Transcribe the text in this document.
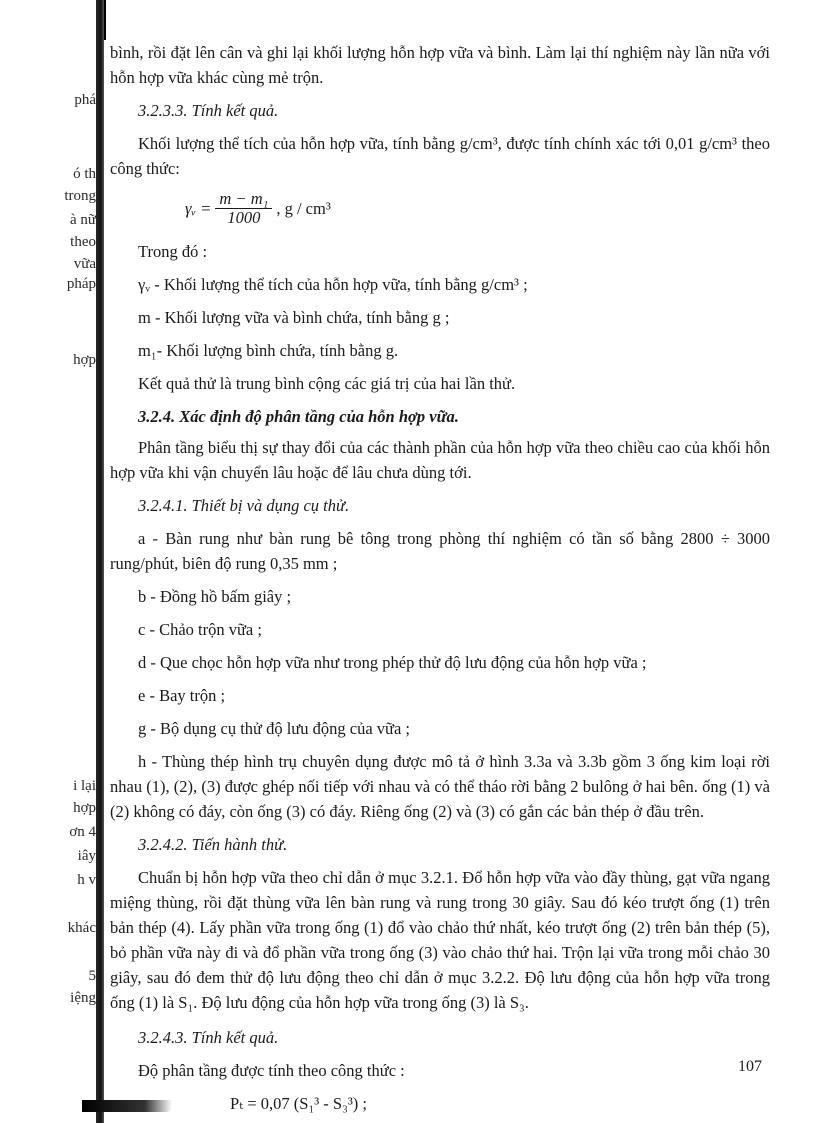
phá
ó th
trong
à nữ
theo
vữa
pháp
hợp
i lại
hợp
ơn 4
iây
h v
khác
5
iệng

bình, rồi đặt lên cân và ghi lại khối lượng hỗn hợp vữa và bình. Làm lại thí nghiệm này lần nữa với hỗn hợp vữa khác cùng mẻ trộn.

3.2.3.3. Tính kết quả.

Khối lượng thể tích của hỗn hợp vữa, tính bằng g/cm³, được tính chính xác tới 0,01 g/cm³ theo công thức:

γᵥ = $\frac{\text{m − m₁}}{1000}$ , g / cm³

Trong đó :

γᵥ - Khối lượng thể tích của hỗn hợp vữa, tính bằng g/cm³ ;

m - Khối lượng vữa và bình chứa, tính bằng g ;

m₁- Khối lượng bình chứa, tính bằng g.

Kết quả thử là trung bình cộng các giá trị của hai lần thử.

3.2.4. Xác định độ phân tầng của hỗn hợp vữa.

Phân tầng biểu thị sự thay đổi của các thành phần của hỗn hợp vữa theo chiều cao của khối hỗn hợp vữa khi vận chuyển lâu hoặc để lâu chưa dùng tới.

3.2.4.1. Thiết bị và dụng cụ thử.

a - Bàn rung như bàn rung bê tông trong phòng thí nghiệm có tần số bằng 2800 ÷ 3000 rung/phút, biên độ rung 0,35 mm ;

b - Đồng hồ bấm giây ;

c - Chảo trộn vữa ;

d - Que chọc hỗn hợp vữa như trong phép thử độ lưu động của hỗn hợp vữa ;

e - Bay trộn ;

g - Bộ dụng cụ thử độ lưu động của vữa ;

h - Thùng thép hình trụ chuyên dụng được mô tả ở hình 3.3a và 3.3b gồm 3 ống kim loại rời nhau (1), (2), (3) được ghép nối tiếp với nhau và có thể tháo rời bằng 2 bulông ở hai bên. ống (1) và (2) không có đáy, còn ống (3) có đáy. Riêng ống (2) và (3) có gắn các bản thép ở đầu trên.

3.2.4.2. Tiến hành thử.

Chuẩn bị hỗn hợp vữa theo chỉ dẫn ở mục 3.2.1. Đổ hỗn hợp vữa vào đầy thùng, gạt vữa ngang miệng thùng, rồi đặt thùng vữa lên bàn rung và rung trong 30 giây. Sau đó kéo trượt ống (1) trên bản thép (4). Lấy phần vữa trong ống (1) đổ vào chảo thứ nhất, kéo trượt ống (2) trên bản thép (5), bỏ phần vữa này đi và đổ phần vữa trong ống (3) vào chảo thứ hai. Trộn lại vữa trong mỗi chảo 30 giây, sau đó đem thử độ lưu động theo chỉ dẫn ở mục 3.2.2. Độ lưu động của hỗn hợp vữa trong ống (1) là S₁. Độ lưu động của hỗn hợp vữa trong ống (3) là S₃.

3.2.4.3. Tính kết quả.

Độ phân tầng được tính theo công thức :

Pₜ = 0,07 (S₁³ - S₃³) ;

107
